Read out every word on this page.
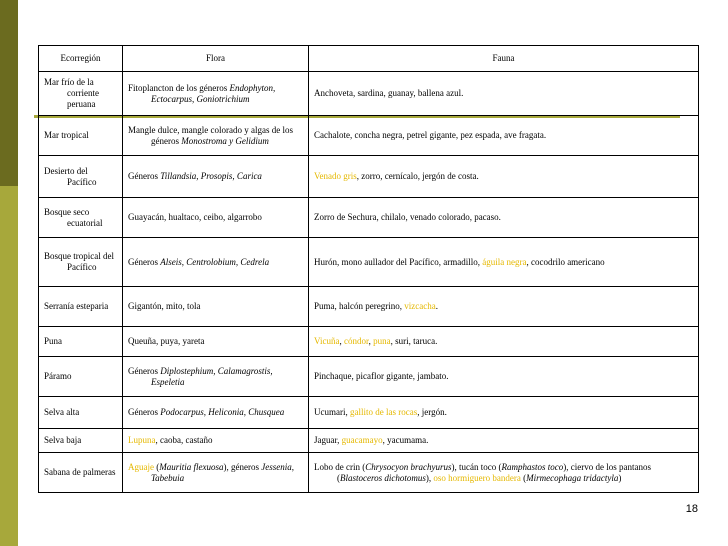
Ecorregión	Flora	Fauna

Mar frío de la corriente peruana	Fitoplancton de los géneros Endophyton, Ectocarpus, Goniotrichium	Anchoveta, sardina, guanay, ballena azul.

Mar tropical	Mangle dulce, mangle colorado y algas de los géneros Monostroma y Gelidium	Cachalote, concha negra, petrel gigante, pez espada, ave fragata.

Desierto del Pacífico	Géneros Tillandsia, Prosopis, Carica	Venado gris, zorro, cernícalo, jergón de costa.

Bosque seco ecuatorial	Guayacán, hualtaco, ceibo, algarrobo	Zorro de Sechura, chilalo, venado colorado, pacaso.

Bosque tropical del Pacífico	Géneros Alseis, Centrolobium, Cedrela	Hurón, mono aullador del Pacífico, armadillo, águila negra, cocodrilo americano

Serranía esteparia	Gigantón, mito, tola	Puma, halcón peregrino, vizcacha.

Puna	Queuña, puya, yareta	Vicuña, cóndor, puna, suri, taruca.

Páramo	Géneros Diplostephium, Calamagrostis, Espeletia	Pinchaque, picaflor gigante, jambato.

Selva alta	Géneros Podocarpus, Heliconia, Chusquea	Ucumari, gallito de las rocas, jergón.

Selva baja	Lupuna, caoba, castaño	Jaguar, guacamayo, yacumama.

Sabana de palmeras	Aguaje (Mauritia flexuosa), géneros Jessenia, Tabebuia	Lobo de crin (Chrysocyon brachyurus), tucán toco (Ramphastos toco), ciervo de los pantanos (Blastoceros dichotomus), oso hormiguero bandera (Mirmecophaga tridactyla)
18
